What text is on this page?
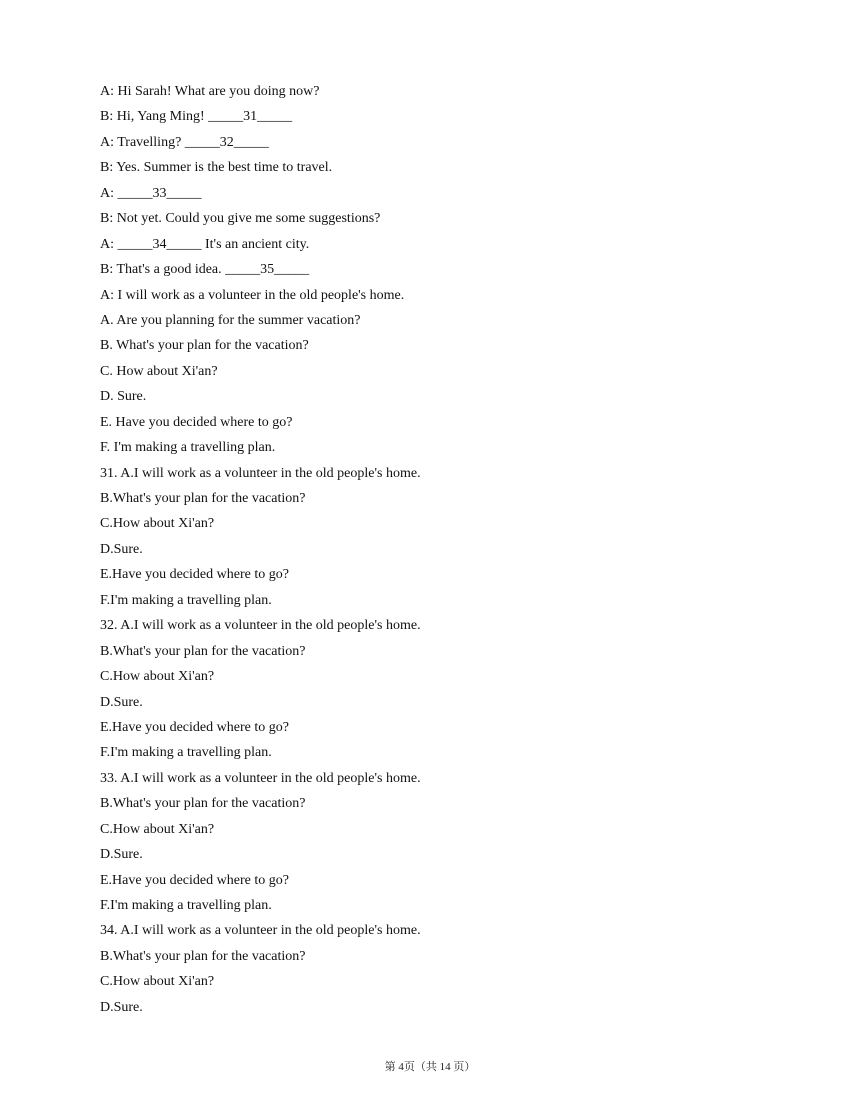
A: Hi Sarah! What are you doing now?
B: Hi, Yang Ming! _____31_____
A: Travelling? _____32_____
B: Yes. Summer is the best time to travel.
A: _____33_____
B: Not yet. Could you give me some suggestions?
A: _____34_____ It's an ancient city.
B: That's a good idea. _____35_____
A: I will work as a volunteer in the old people's home.
A. Are you planning for the summer vacation?
B. What's your plan for the vacation?
C. How about Xi'an?
D. Sure.
E. Have you decided where to go?
F. I'm making a travelling plan.
31. A.I will work as a volunteer in the old people's home.
B.What's your plan for the vacation?
C.How about Xi'an?
D.Sure.
E.Have you decided where to go?
F.I'm making a travelling plan.
32. A.I will work as a volunteer in the old people's home.
B.What's your plan for the vacation?
C.How about Xi'an?
D.Sure.
E.Have you decided where to go?
F.I'm making a travelling plan.
33. A.I will work as a volunteer in the old people's home.
B.What's your plan for the vacation?
C.How about Xi'an?
D.Sure.
E.Have you decided where to go?
F.I'm making a travelling plan.
34. A.I will work as a volunteer in the old people's home.
B.What's your plan for the vacation?
C.How about Xi'an?
D.Sure.
第 4页（共 14 页）
